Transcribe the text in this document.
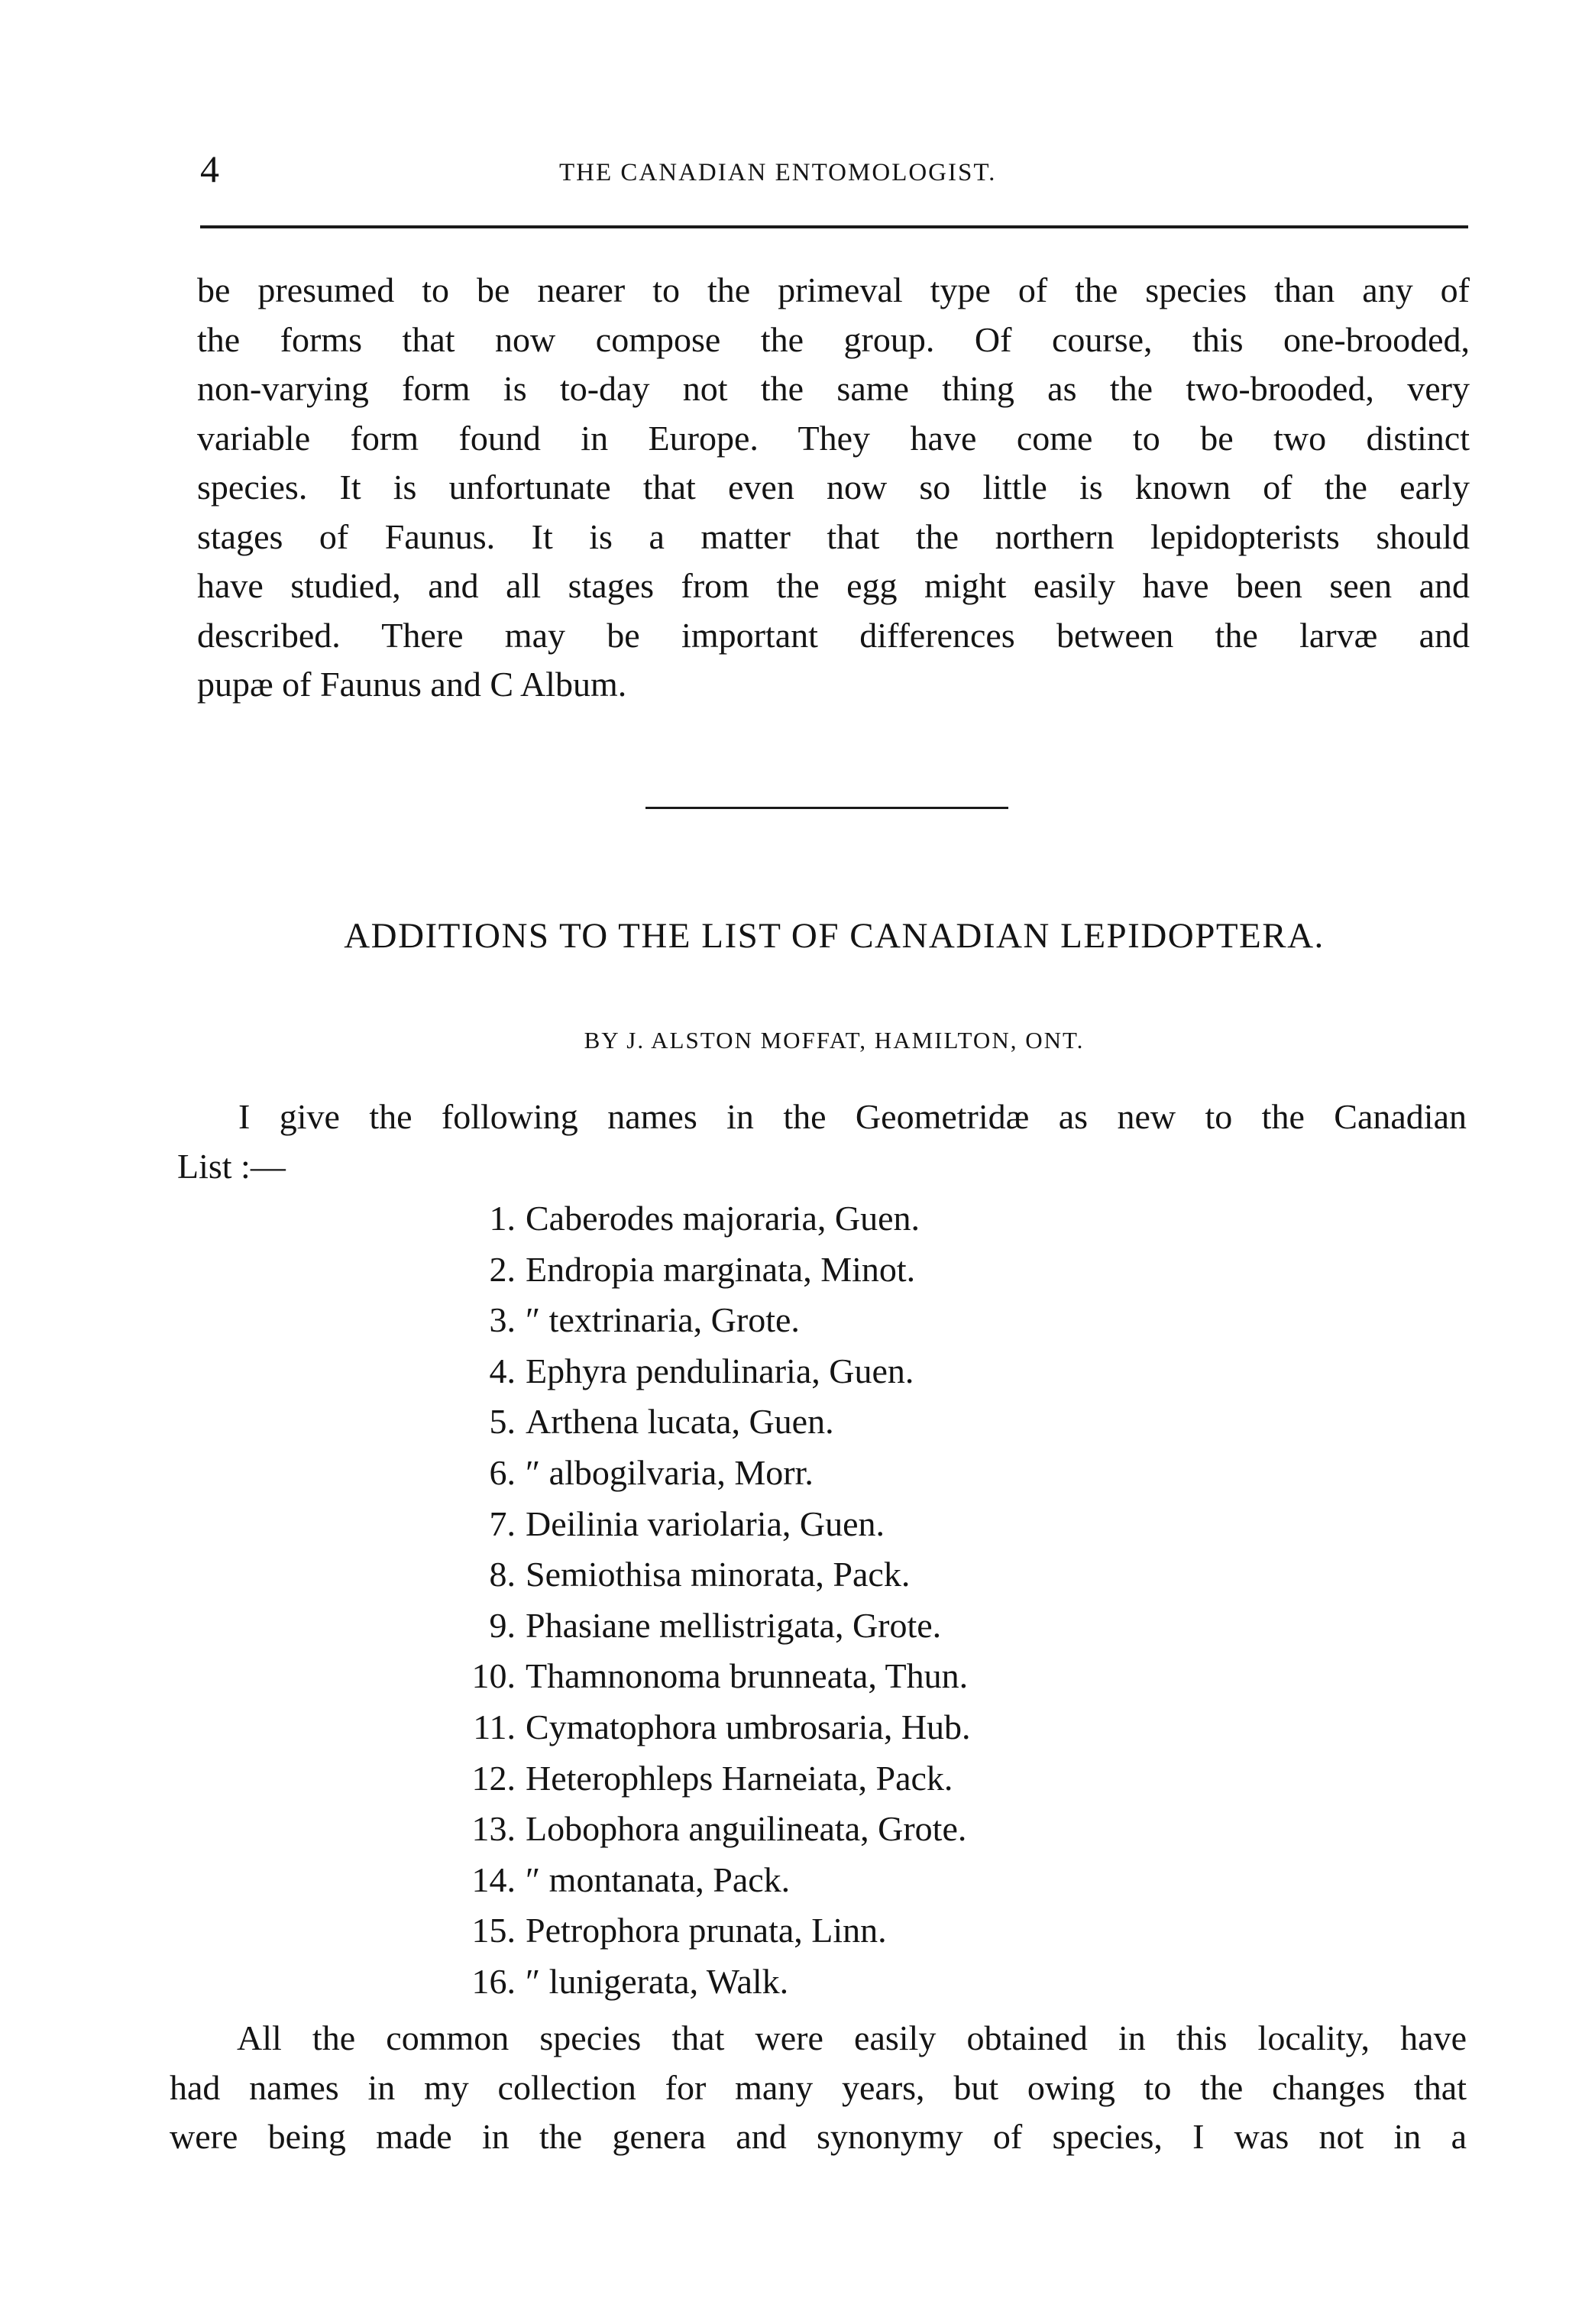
4	THE CANADIAN ENTOMOLOGIST.

be presumed to be nearer to the primeval type of the species than any of
the forms that now compose the group. Of course, this one-brooded,
non-varying form is to-day not the same thing as the two-brooded, very
variable form found in Europe. They have come to be two distinct
species. It is unfortunate that even now so little is known of the early
stages of Faunus. It is a matter that the northern lepidopterists should
have studied, and all stages from the egg might easily have been seen and
described. There may be important differences between the larvæ and
pupæ of Faunus and C Album.

ADDITIONS TO THE LIST OF CANADIAN LEPIDOPTERA.
BY J. ALSTON MOFFAT, HAMILTON, ONT.

I give the following names in the Geometridæ as new to the Canadian
List :—

1. Caberodes majoraria, Guen.
2. Endropia marginata, Minot.
3. ″ textrinaria, Grote.
4. Ephyra pendulinaria, Guen.
5. Arthena lucata, Guen.
6. ″ albogilvaria, Morr.
7. Deilinia variolaria, Guen.
8. Semiothisa minorata, Pack.
9. Phasiane mellistrigata, Grote.
10. Thamnonoma brunneata, Thun.
11. Cymatophora umbrosaria, Hub.
12. Heterophleps Harneiata, Pack.
13. Lobophora anguilineata, Grote.
14. ″ montanata, Pack.
15. Petrophora prunata, Linn.
16. ″ lunigerata, Walk.

All the common species that were easily obtained in this locality, have
had names in my collection for many years, but owing to the changes that
were being made in the genera and synonymy of species, I was not in a
